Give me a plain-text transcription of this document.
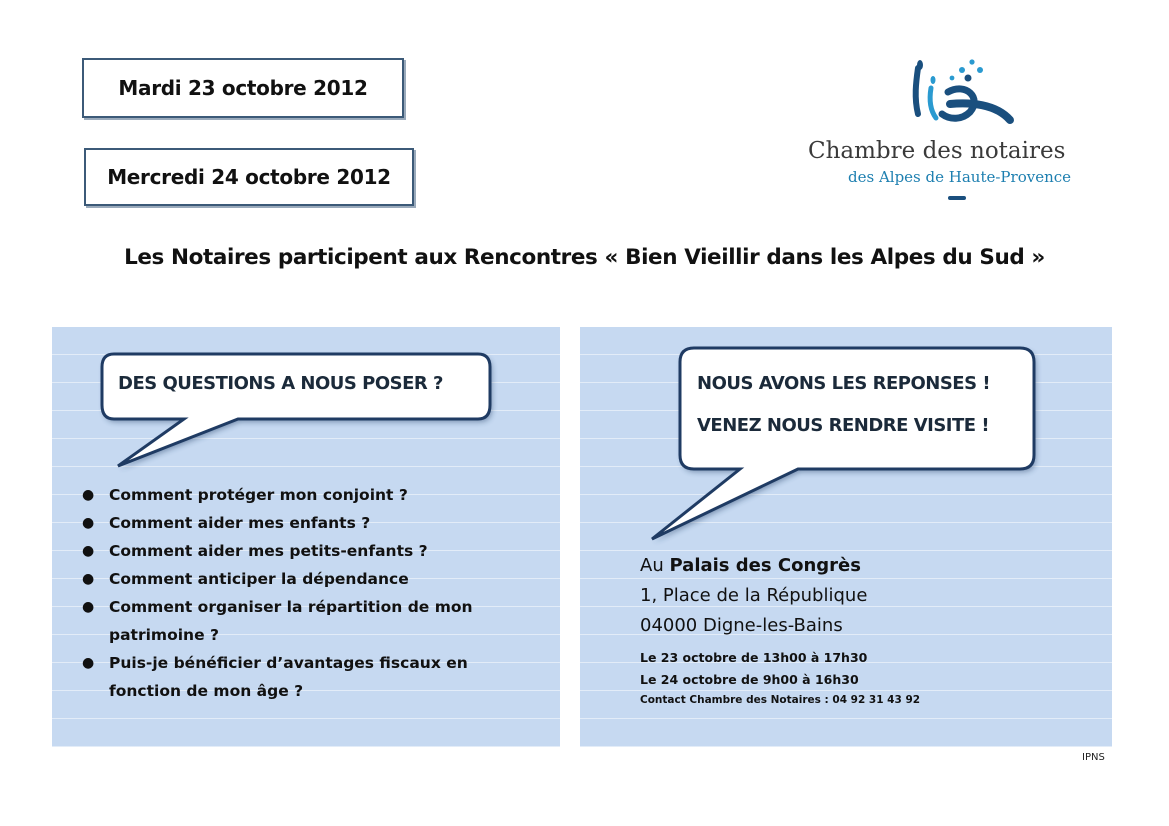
Mardi 23 octobre 2012
Mercredi 24 octobre 2012
Chambre des notaires
des Alpes de Haute-Provence
Les Notaires participent aux Rencontres « Bien Vieillir dans les Alpes du Sud »
DES QUESTIONS A NOUS POSER ?
● Comment protéger mon conjoint ?
● Comment aider mes enfants ?
● Comment aider mes petits-enfants ?
● Comment anticiper la dépendance
● Comment organiser la répartition de mon patrimoine ?
● Puis-je bénéficier d’avantages fiscaux en fonction de mon âge ?
NOUS AVONS LES REPONSES !
VENEZ NOUS RENDRE VISITE !
Au Palais des Congrès
1, Place de la République
04000 Digne-les-Bains
Le 23 octobre de 13h00 à 17h30
Le 24 octobre de 9h00 à 16h30
Contact Chambre des Notaires : 04 92 31 43 92
IPNS
